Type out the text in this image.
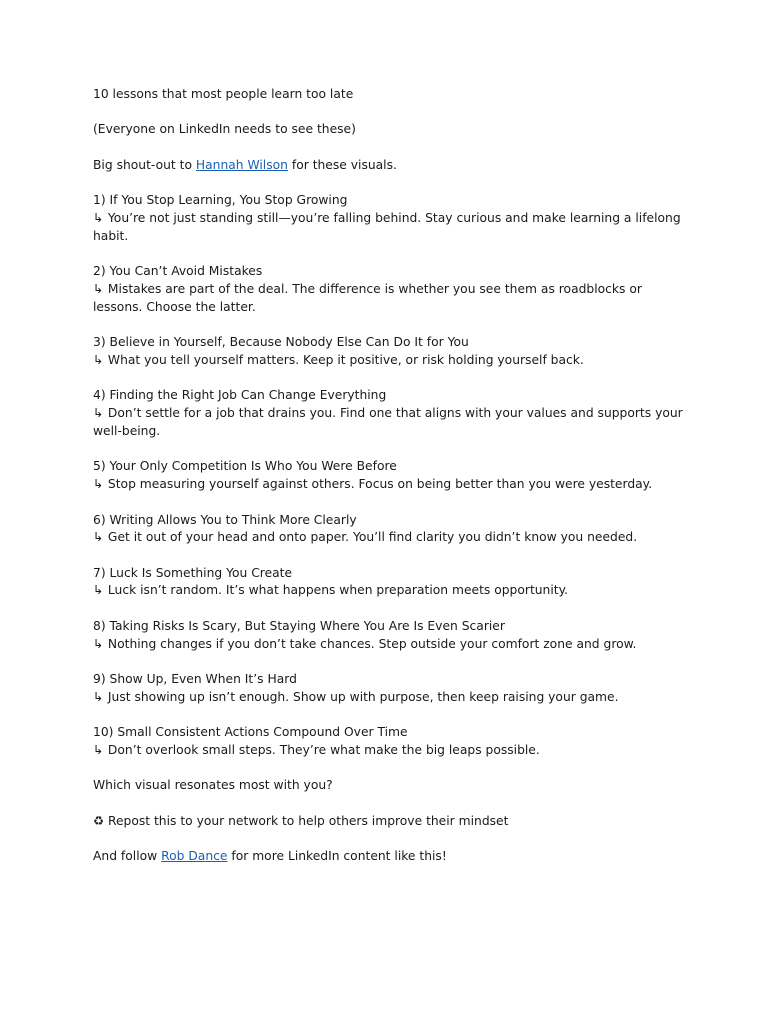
10 lessons that most people learn too late

(Everyone on LinkedIn needs to see these)

Big shout-out to Hannah Wilson for these visuals.

1) If You Stop Learning, You Stop Growing

↳ You’re not just standing still—you’re falling behind. Stay curious and make learning a lifelong habit.

2) You Can’t Avoid Mistakes

↳ Mistakes are part of the deal. The difference is whether you see them as roadblocks or lessons. Choose the latter.

3) Believe in Yourself, Because Nobody Else Can Do It for You

↳ What you tell yourself matters. Keep it positive, or risk holding yourself back.

4) Finding the Right Job Can Change Everything

↳ Don’t settle for a job that drains you. Find one that aligns with your values and supports your well-being.

5) Your Only Competition Is Who You Were Before

↳ Stop measuring yourself against others. Focus on being better than you were yesterday.

6) Writing Allows You to Think More Clearly

↳ Get it out of your head and onto paper. You’ll find clarity you didn’t know you needed.

7) Luck Is Something You Create

↳ Luck isn’t random. It’s what happens when preparation meets opportunity.

8) Taking Risks Is Scary, But Staying Where You Are Is Even Scarier

↳ Nothing changes if you don’t take chances. Step outside your comfort zone and grow.

9) Show Up, Even When It’s Hard

↳ Just showing up isn’t enough. Show up with purpose, then keep raising your game.

10) Small Consistent Actions Compound Over Time

↳ Don’t overlook small steps. They’re what make the big leaps possible.

Which visual resonates most with you?

♻ Repost this to your network to help others improve their mindset

And follow Rob Dance for more LinkedIn content like this!
